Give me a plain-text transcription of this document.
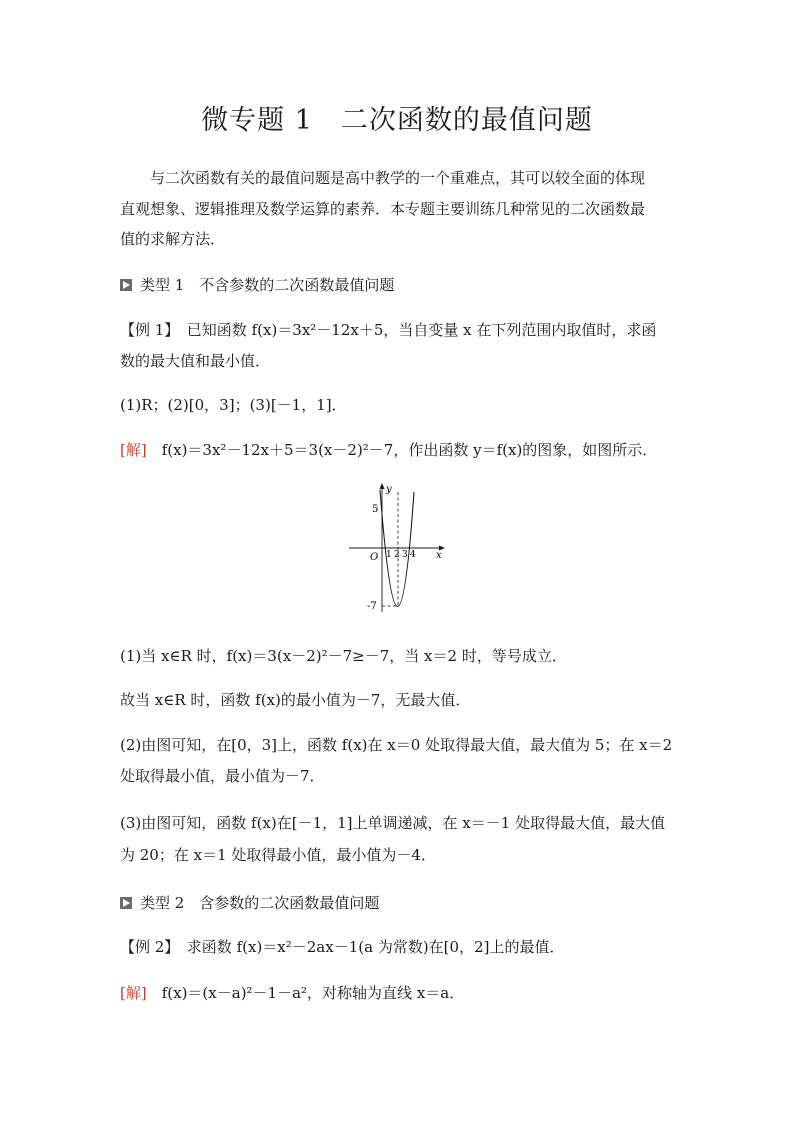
微专题 1　二次函数的最值问题
与二次函数有关的最值问题是高中教学的一个重难点，其可以较全面的体现
直观想象、逻辑推理及数学运算的素养．本专题主要训练几种常见的二次函数最
值的求解方法．
类型 1　不含参数的二次函数最值问题
【例 1】　已知函数 f(x)＝3x²－12x＋5，当自变量 x 在下列范围内取值时，求函
数的最大值和最小值．
(1)R；(2)[0，3]；(3)[－1，1]．
[解]　f(x)＝3x²－12x＋5＝3(x－2)²－7，作出函数 y＝f(x)的图象，如图所示．
y
x
O
5
-7
1 2 3 4
(1)当 x∈R 时，f(x)＝3(x－2)²－7≥－7，当 x＝2 时，等号成立．
故当 x∈R 时，函数 f(x)的最小值为－7，无最大值．
(2)由图可知，在[0，3]上，函数 f(x)在 x＝0 处取得最大值，最大值为 5；在 x＝2
处取得最小值，最小值为－7．
(3)由图可知，函数 f(x)在[－1，1]上单调递减，在 x＝－1 处取得最大值，最大值
为 20；在 x＝1 处取得最小值，最小值为－4．
类型 2　含参数的二次函数最值问题
【例 2】　求函数 f(x)＝x²－2ax－1(a 为常数)在[0，2]上的最值．
[解]　f(x)＝(x－a)²－1－a²，对称轴为直线 x＝a．
